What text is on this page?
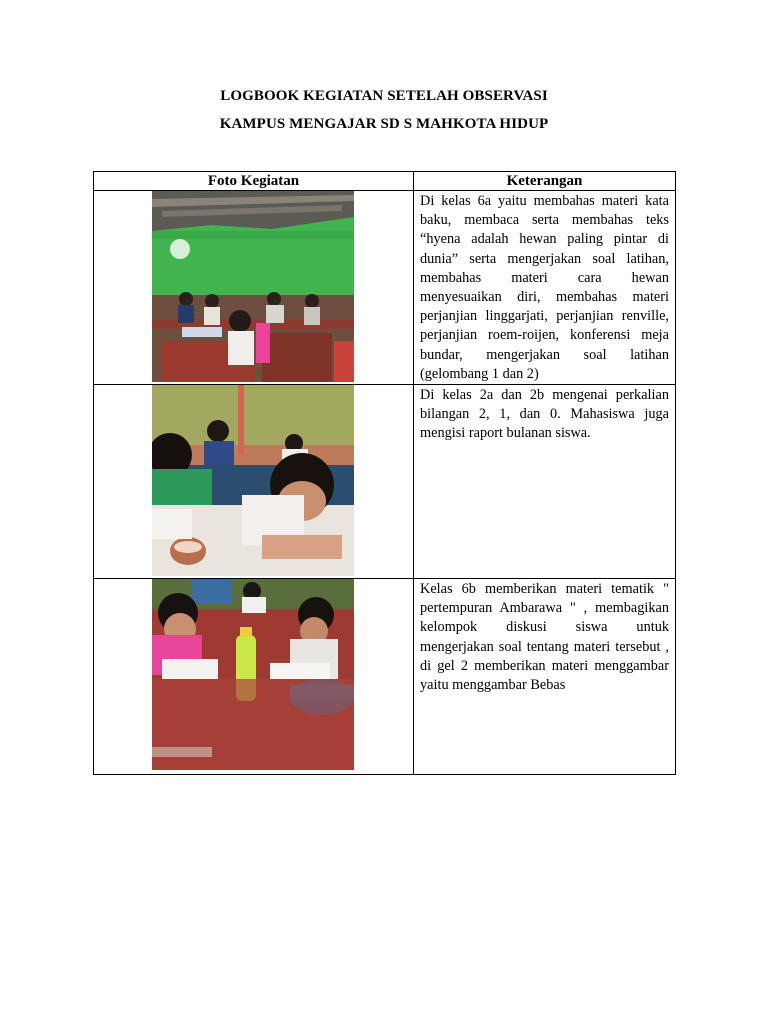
LOGBOOK KEGIATAN SETELAH OBSERVASI
KAMPUS MENGAJAR SD S MAHKOTA HIDUP
Foto Kegiatan	Keterangan

Di kelas 6a yaitu membahas materi kata baku, membaca serta membahas teks “hyena adalah hewan paling pintar di dunia” serta mengerjakan soal latihan, membahas materi cara hewan menyesuaikan diri, membahas materi perjanjian linggarjati, perjanjian renville, perjanjian roem-roijen, konferensi meja bundar, mengerjakan soal latihan (gelombang 1 dan 2)

Di kelas 2a dan 2b mengenai perkalian bilangan 2, 1, dan 0. Mahasiswa juga mengisi raport bulanan siswa.

Kelas 6b memberikan materi tematik " pertempuran Ambarawa " , membagikan kelompok diskusi siswa untuk mengerjakan soal tentang materi tersebut , di gel 2 memberikan materi menggambar yaitu menggambar Bebas
